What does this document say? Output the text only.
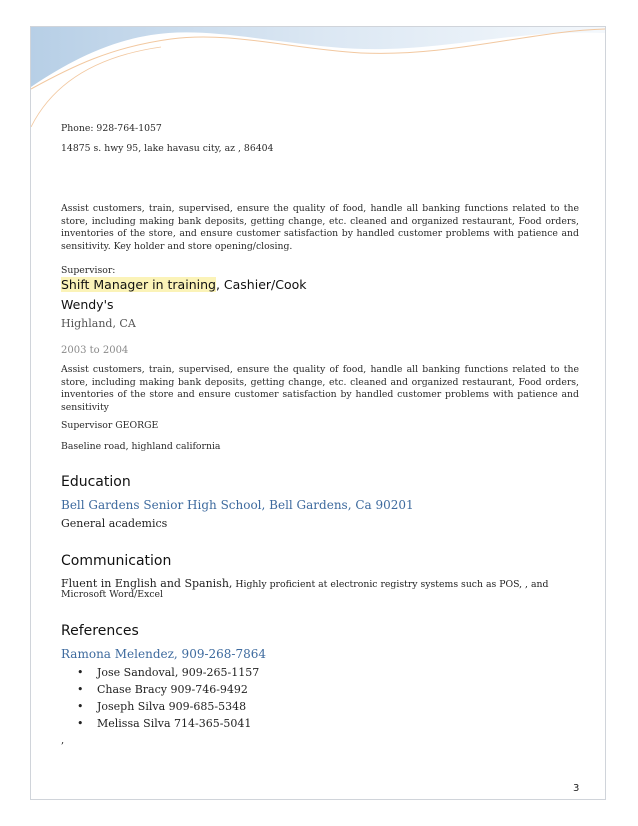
Phone: 928-764-1057
14875 s. hwy 95, lake havasu city, az , 86404
Assist customers, train, supervised, ensure the quality of food, handle all banking functions related to the store, including making bank deposits, getting change, etc. cleaned and organized restaurant, Food orders, inventories of the store, and ensure customer satisfaction by handled customer problems with patience and sensitivity. Key holder and store opening/closing.
Supervisor:
Shift Manager in training, Cashier/Cook
Wendy's
Highland, CA
2003 to 2004
Assist customers, train, supervised, ensure the quality of food, handle all banking functions related to the store, including making bank deposits, getting change, etc. cleaned and organized restaurant, Food orders, inventories of the store and ensure customer satisfaction by handled customer problems with patience and sensitivity
Supervisor GEORGE
Baseline road, highland california
Education
Bell Gardens Senior High School, Bell Gardens, Ca 90201
General academics
Communication
Fluent in English and Spanish, Highly proficient at electronic registry systems such as POS, , and
Microsoft Word/Excel
References
Ramona Melendez, 909-268-7864
• Jose Sandoval, 909-265-1157
• Chase Bracy 909-746-9492
• Joseph Silva 909-685-5348
• Melissa Silva 714-365-5041
,
3
